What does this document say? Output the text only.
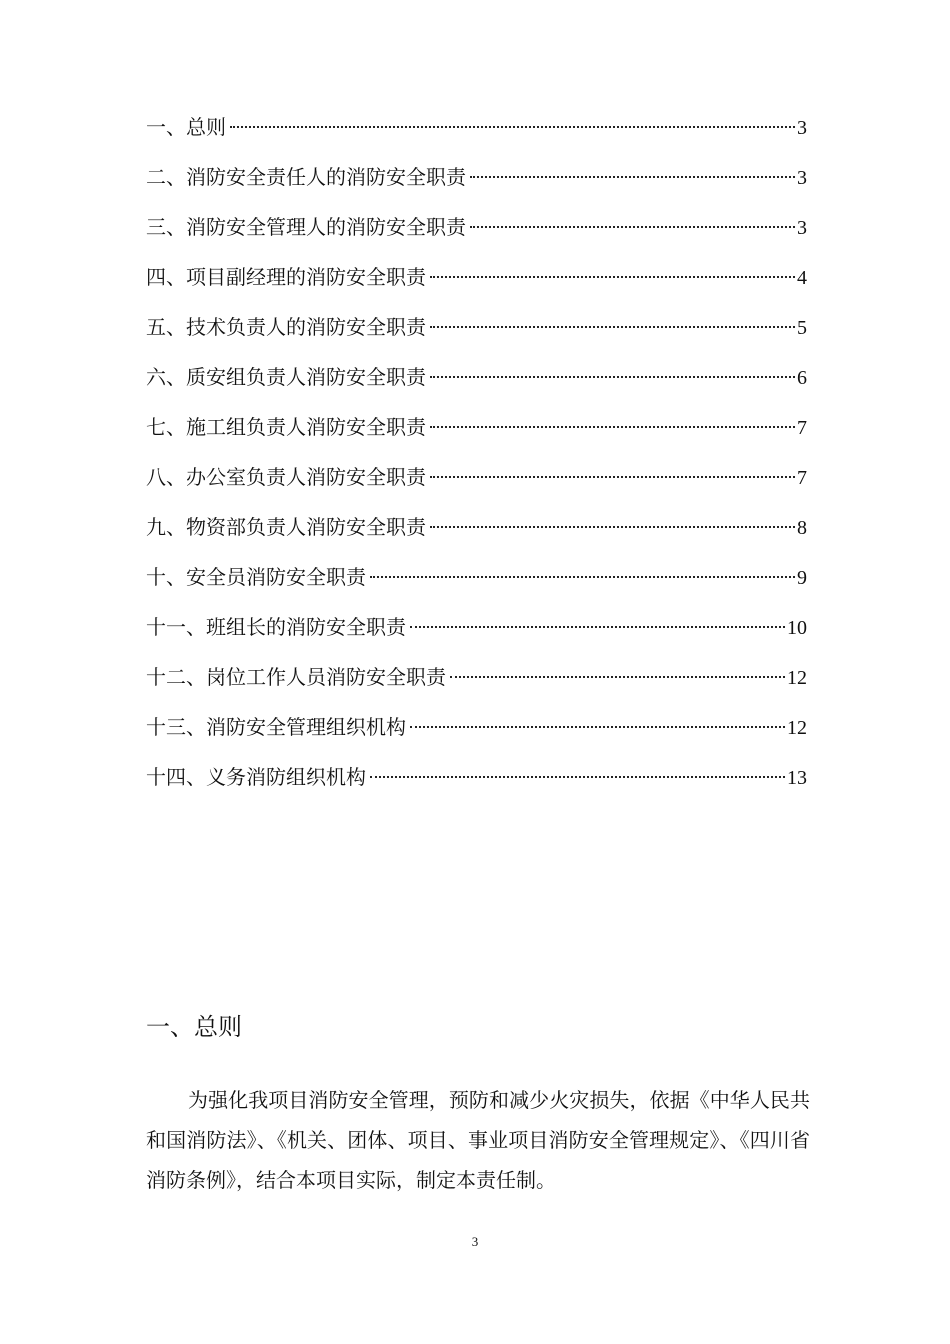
一、总则	3
二、消防安全责任人的消防安全职责	3
三、消防安全管理人的消防安全职责	3
四、项目副经理的消防安全职责	4
五、技术负责人的消防安全职责	5
六、质安组负责人消防安全职责	6
七、施工组负责人消防安全职责	7
八、办公室负责人消防安全职责	7
九、物资部负责人消防安全职责	8
十、安全员消防安全职责	9
十一、班组长的消防安全职责	10
十二、岗位工作人员消防安全职责	12
十三、消防安全管理组织机构	12
十四、义务消防组织机构	13
一、总则

为强化我项目消防安全管理，预防和减少火灾损失，依据《中华人民共和国消防法》、《机关、团体、项目、事业项目消防安全管理规定》、《四川省消防条例》，结合本项目实际，制定本责任制。

3
